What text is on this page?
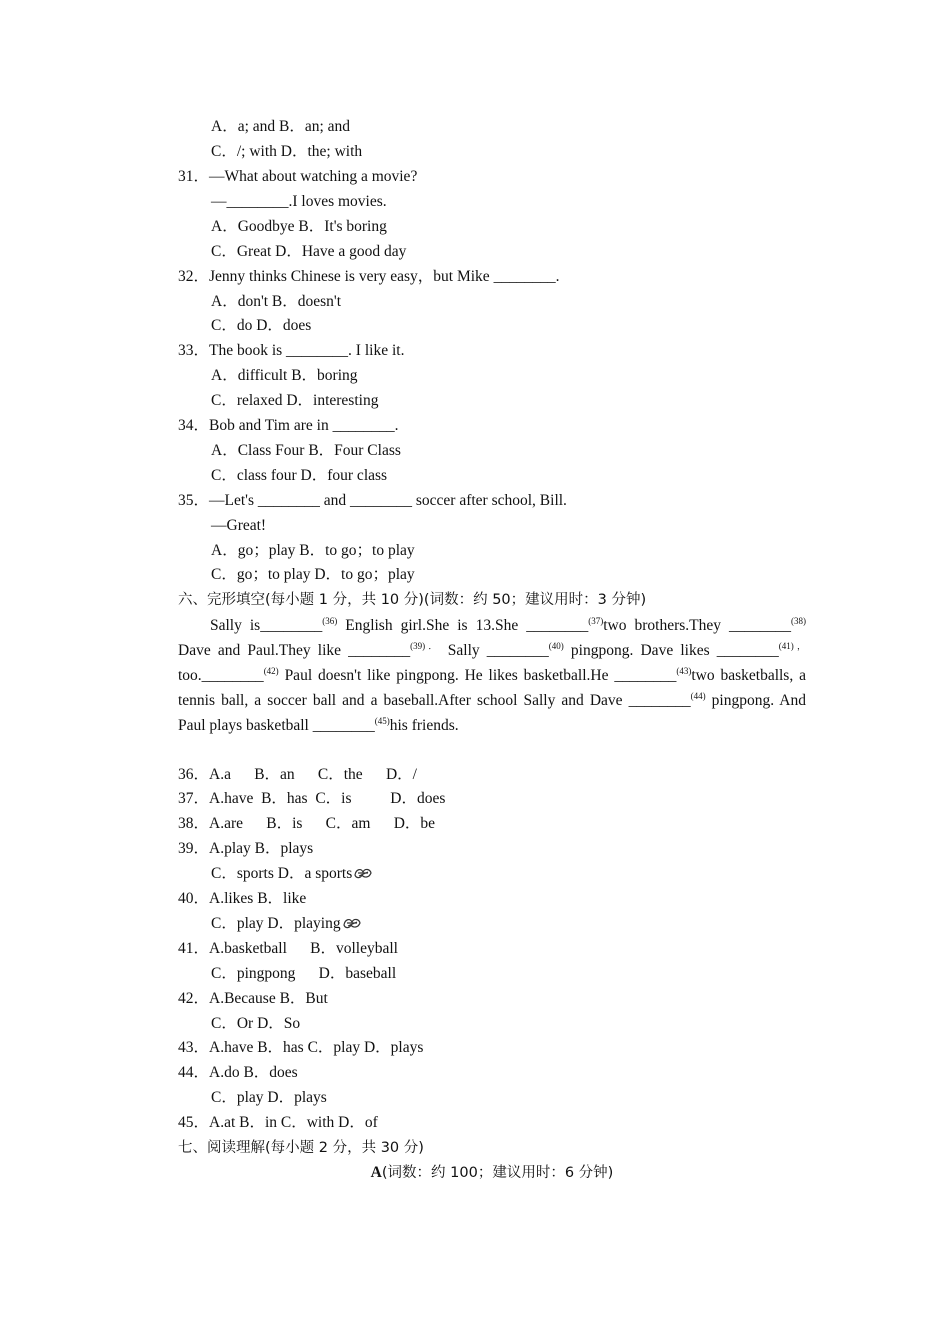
A．a; and B．an; and
C．/; with D．the; with
31．—What about watching a movie?
—________.I loves movies.
A．Goodbye B．It's boring
C．Great D．Have a good day
32．Jenny thinks Chinese is very easy，but Mike ________.
A．don't B．doesn't
C．do D．does
33．The book is ________. I like it.
A．difficult B．boring
C．relaxed D．interesting
34．Bob and Tim are in ________.
A．Class Four B．Four Class
C．class four D．four class
35．—Let's ________ and ________ soccer after school, Bill.
—Great!
A．go；play B．to go；to play
C．go；to play D．to go；play
六、完形填空(每小题 1 分，共 10 分)(词数：约 50；建议用时：3 分钟)
Sally is________$^{(36)}$ English girl.She is 13.She ________$^{(37)}$two brothers.They ________$^{(38)}$ Dave and Paul.They like ________$^{(39).}$ Sally ________$^{(40)}$ pingpong. Dave likes ________$^{(41),}$ too.________$^{(42)}$ Paul doesn't like pingpong. He likes basketball.He ________$^{(43)}$two basketballs, a tennis ball, a soccer ball and a baseball.After school Sally and Dave ________$^{(44)}$ pingpong. And Paul plays basketball ________$^{(45)}$his friends.
36．A.a      B．an      C．the      D．/
37．A.have  B．has  C．is          D．does
38．A.are      B．is      C．am      D．be
39．A.play B．plays
C．sports D．a sports
40．A.likes B．like
C．play D．playing
41．A.basketball      B．volleyball
C．pingpong      D．baseball
42．A.Because B．But
C．Or D．So
43．A.have B．has C．play D．plays
44．A.do B．does
C．play D．plays
45．A.at B．in C．with D．of
七、阅读理解(每小题 2 分，共 30 分)
A(词数：约 100；建议用时：6 分钟)
